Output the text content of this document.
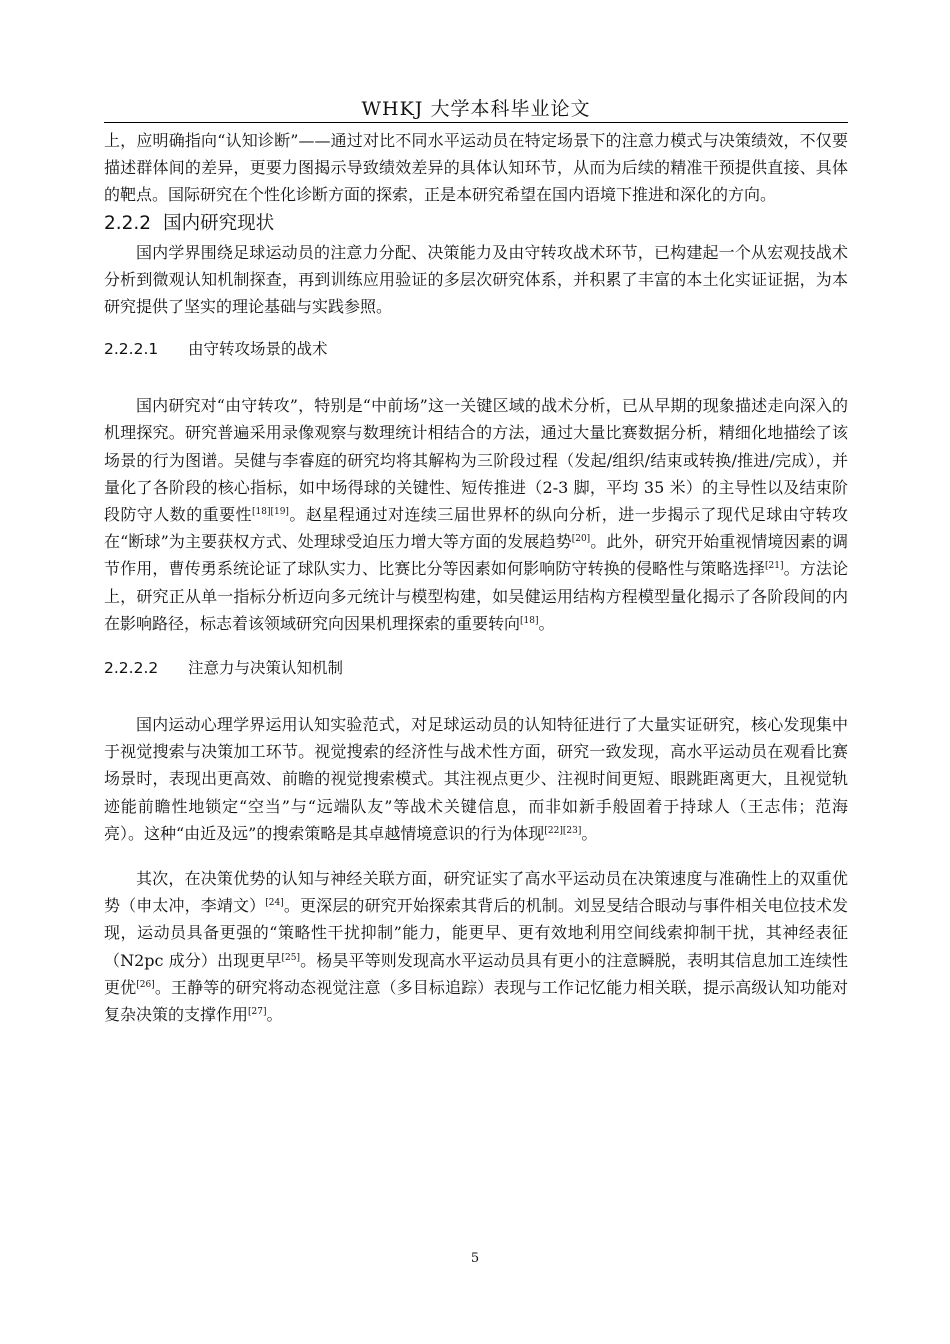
WHKJ 大学本科毕业论文

上，应明确指向“认知诊断”——通过对比不同水平运动员在特定场景下的注意力模式与决策绩效，不仅要描述群体间的差异，更要力图揭示导致绩效差异的具体认知环节，从而为后续的精准干预提供直接、具体的靶点。国际研究在个性化诊断方面的探索，正是本研究希望在国内语境下推进和深化的方向。

2.2.2 国内研究现状

国内学界围绕足球运动员的注意力分配、决策能力及由守转攻战术环节，已构建起一个从宏观技战术分析到微观认知机制探查，再到训练应用验证的多层次研究体系，并积累了丰富的本土化实证证据，为本研究提供了坚实的理论基础与实践参照。

2.2.2.1 由守转攻场景的战术

国内研究对“由守转攻”，特别是“中前场”这一关键区域的战术分析，已从早期的现象描述走向深入的机理探究。研究普遍采用录像观察与数理统计相结合的方法，通过大量比赛数据分析，精细化地描绘了该场景的行为图谱。吴健与李睿庭的研究均将其解构为三阶段过程（发起/组织/结束或转换/推进/完成），并量化了各阶段的核心指标，如中场得球的关键性、短传推进（2-3 脚，平均 35 米）的主导性以及结束阶段防守人数的重要性[18][19]。赵星程通过对连续三届世界杯的纵向分析，进一步揭示了现代足球由守转攻在“断球”为主要获权方式、处理球受迫压力增大等方面的发展趋势[20]。此外，研究开始重视情境因素的调节作用，曹传勇系统论证了球队实力、比赛比分等因素如何影响防守转换的侵略性与策略选择[21]。方法论上，研究正从单一指标分析迈向多元统计与模型构建，如吴健运用结构方程模型量化揭示了各阶段间的内在影响路径，标志着该领域研究向因果机理探索的重要转向[18]。

2.2.2.2 注意力与决策认知机制

国内运动心理学界运用认知实验范式，对足球运动员的认知特征进行了大量实证研究，核心发现集中于视觉搜索与决策加工环节。视觉搜索的经济性与战术性方面，研究一致发现，高水平运动员在观看比赛场景时，表现出更高效、前瞻的视觉搜索模式。其注视点更少、注视时间更短、眼跳距离更大，且视觉轨迹能前瞻性地锁定“空当”与“远端队友”等战术关键信息，而非如新手般固着于持球人（王志伟；范海亮）。这种“由近及远”的搜索策略是其卓越情境意识的行为体现[22][23]。

其次，在决策优势的认知与神经关联方面，研究证实了高水平运动员在决策速度与准确性上的双重优势（申太冲，李靖文）[24]。更深层的研究开始探索其背后的机制。刘昱旻结合眼动与事件相关电位技术发现，运动员具备更强的“策略性干扰抑制”能力，能更早、更有效地利用空间线索抑制干扰，其神经表征（N2pc 成分）出现更早[25]。杨昊平等则发现高水平运动员具有更小的注意瞬脱，表明其信息加工连续性更优[26]。王静等的研究将动态视觉注意（多目标追踪）表现与工作记忆能力相关联，提示高级认知功能对复杂决策的支撑作用[27]。

5
